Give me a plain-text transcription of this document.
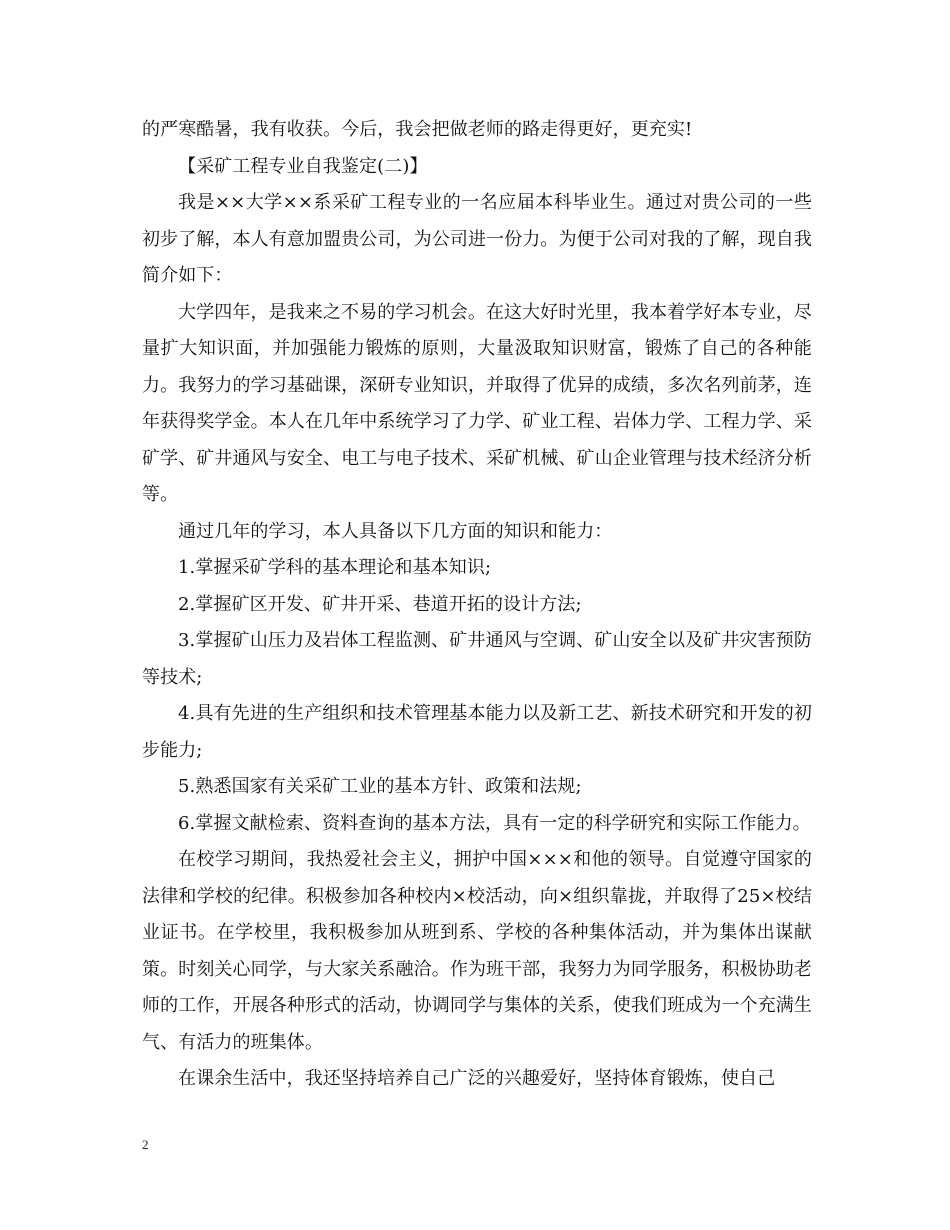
的严寒酷暑，我有收获。今后，我会把做老师的路走得更好，更充实!

【采矿工程专业自我鉴定(二)】

我是××大学××系采矿工程专业的一名应届本科毕业生。通过对贵公司的一些初步了解，本人有意加盟贵公司，为公司进一份力。为便于公司对我的了解，现自我简介如下：

大学四年，是我来之不易的学习机会。在这大好时光里，我本着学好本专业，尽量扩大知识面，并加强能力锻炼的原则，大量汲取知识财富，锻炼了自己的各种能力。我努力的学习基础课，深研专业知识，并取得了优异的成绩，多次名列前茅，连年获得奖学金。本人在几年中系统学习了力学、矿业工程、岩体力学、工程力学、采矿学、矿井通风与安全、电工与电子技术、采矿机械、矿山企业管理与技术经济分析等。

通过几年的学习，本人具备以下几方面的知识和能力：

1.掌握采矿学科的基本理论和基本知识;

2.掌握矿区开发、矿井开采、巷道开拓的设计方法;

3.掌握矿山压力及岩体工程监测、矿井通风与空调、矿山安全以及矿井灾害预防等技术;

4.具有先进的生产组织和技术管理基本能力以及新工艺、新技术研究和开发的初步能力;

5.熟悉国家有关采矿工业的基本方针、政策和法规;

6.掌握文献检索、资料查询的基本方法，具有一定的科学研究和实际工作能力。

在校学习期间，我热爱社会主义，拥护中国×××和他的领导。自觉遵守国家的法律和学校的纪律。积极参加各种校内×校活动，向×组织靠拢，并取得了25×校结业证书。在学校里，我积极参加从班到系、学校的各种集体活动，并为集体出谋献策。时刻关心同学，与大家关系融洽。作为班干部，我努力为同学服务，积极协助老师的工作，开展各种形式的活动，协调同学与集体的关系，使我们班成为一个充满生气、有活力的班集体。

在课余生活中，我还坚持培养自己广泛的兴趣爱好，坚持体育锻炼，使自己

2
